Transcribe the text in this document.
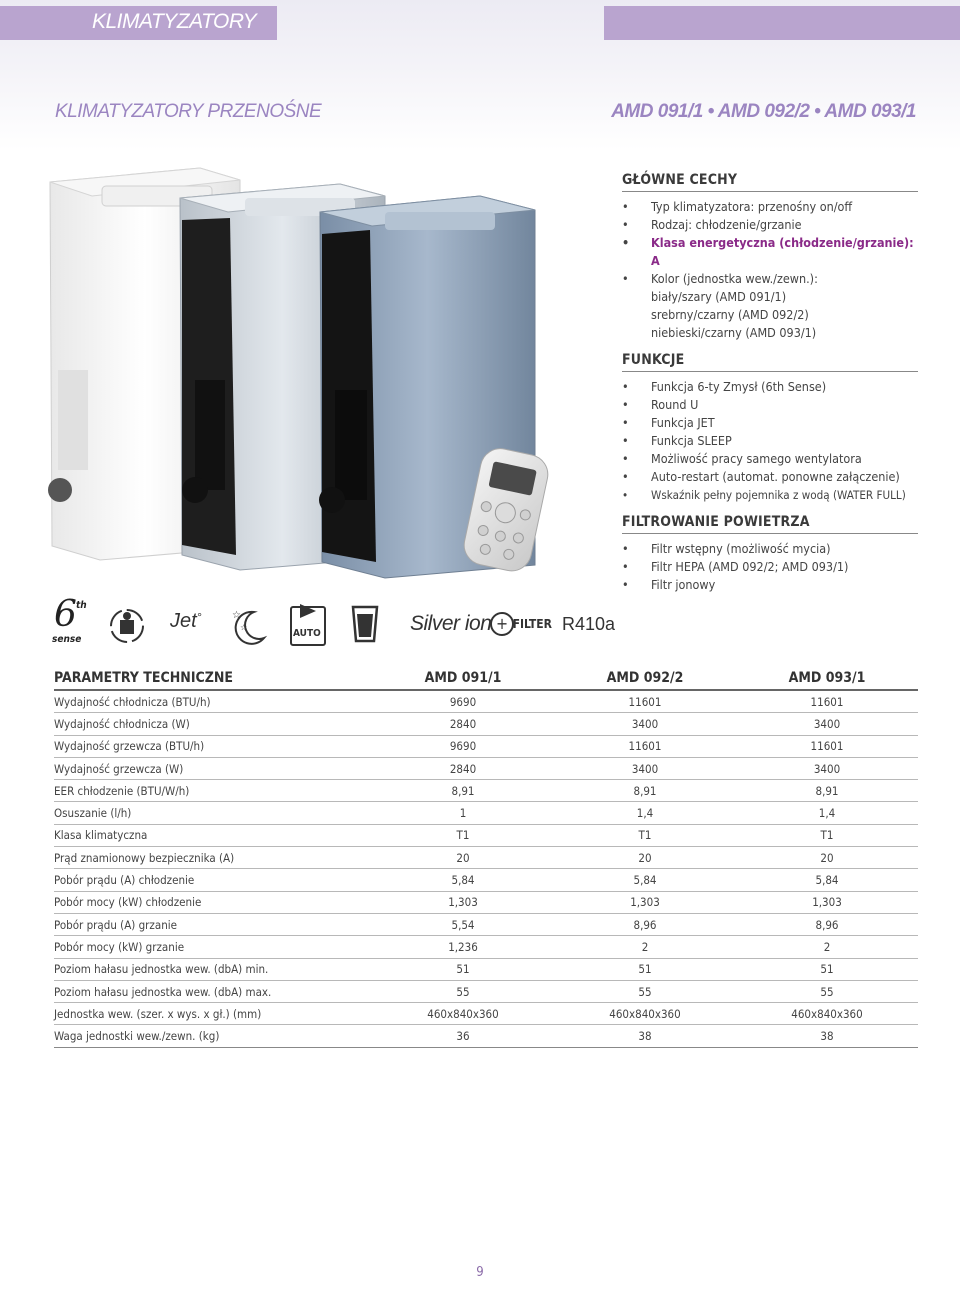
KLIMATYZATORY
KLIMATYZATORY PRZENOŚNE	AMD 091/1 • AMD 092/2 • AMD 093/1
GŁÓWNE CECHY
• Typ klimatyzatora: przenośny on/off
• Rodzaj: chłodzenie/grzanie
• Klasa energetyczna (chłodzenie/grzanie): A
• Kolor (jednostka wew./zewn.):
biały/szary (AMD 091/1)
srebrny/czarny (AMD 092/2)
niebieski/czarny (AMD 093/1)
FUNKCJE
• Funkcja 6-ty Zmysł (6th Sense)
• Round U
• Funkcja JET
• Funkcja SLEEP
• Możliwość pracy samego wentylatora
• Auto-restart (automat. ponowne załączenie)
• Wskaźnik pełny pojemnika z wodą (WATER FULL)
FILTROWANIE POWIETRZA
• Filtr wstępny (możliwość mycia)
• Filtr HEPA (AMD 092/2; AMD 093/1)
• Filtr jonowy
6 th
sense
Jet°	☆
☆
AUTO	Silver ion + FILTER R410a
PARAMETRY TECHNICZNE	AMD 091/1	AMD 092/2	AMD 093/1
Wydajność chłodnicza (BTU/h)	9690	11601	11601
Wydajność chłodnicza (W)	2840	3400	3400
Wydajność grzewcza (BTU/h)	9690	11601	11601
Wydajność grzewcza (W)	2840	3400	3400
EER chłodzenie (BTU/W/h)	8,91	8,91	8,91
Osuszanie (l/h)	1	1,4	1,4
Klasa klimatyczna	T1	T1	T1
Prąd znamionowy bezpiecznika (A)	20	20	20
Pobór prądu (A) chłodzenie	5,84	5,84	5,84
Pobór mocy (kW) chłodzenie	1,303	1,303	1,303
Pobór prądu (A) grzanie	5,54	8,96	8,96
Pobór mocy (kW) grzanie	1,236	2	2
Poziom hałasu jednostka wew. (dbA) min.	51	51	51
Poziom hałasu jednostka wew. (dbA) max.	55	55	55
Jednostka wew. (szer. x wys. x gł.) (mm)	460x840x360	460x840x360	460x840x360
Waga jednostki wew./zewn. (kg)	36	38	38
9
